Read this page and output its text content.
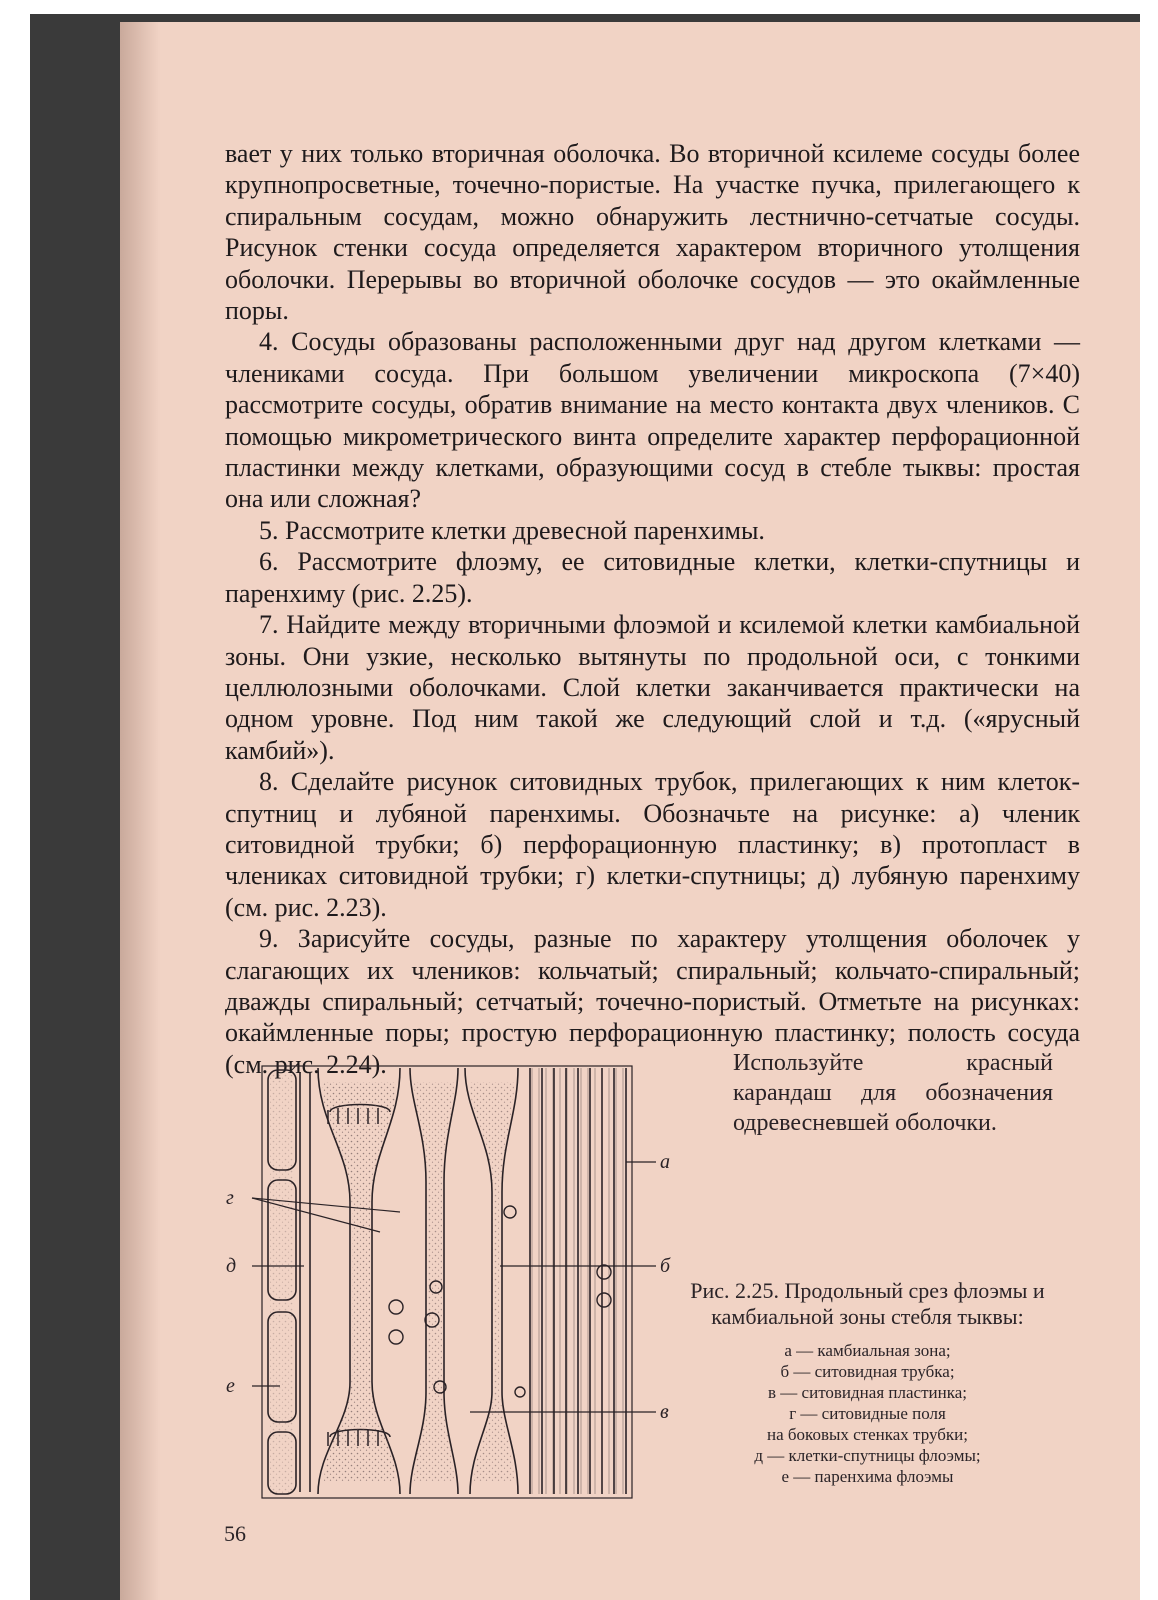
вает у них только вторичная оболочка. Во вторичной ксилеме сосуды более крупнопросветные, точечно-пористые. На участке пучка, прилегающего к спиральным сосудам, можно обнаружить лестнично-сетчатые сосуды. Рисунок стенки сосуда определяется характером вторичного утолщения оболочки. Перерывы во вторичной оболочке сосудов — это окаймленные поры.

4. Сосуды образованы расположенными друг над другом клетками — члениками сосуда. При большом увеличении микроскопа (7×40) рассмотрите сосуды, обратив внимание на место контакта двух члеников. С помощью микрометрического винта определите характер перфорационной пластинки между клетками, образующими сосуд в стебле тыквы: простая она или сложная?

5. Рассмотрите клетки древесной паренхимы.

6. Рассмотрите флоэму, ее ситовидные клетки, клетки-спутницы и паренхиму (рис. 2.25).

7. Найдите между вторичными флоэмой и ксилемой клетки камбиальной зоны. Они узкие, несколько вытянуты по продольной оси, с тонкими целлюлозными оболочками. Слой клетки заканчивается практически на одном уровне. Под ним такой же следующий слой и т.д. («ярусный камбий»).

8. Сделайте рисунок ситовидных трубок, прилегающих к ним клеток-спутниц и лубяной паренхимы. Обозначьте на рисунке: а) членик ситовидной трубки; б) перфорационную пластинку; в) протопласт в члениках ситовидной трубки; г) клетки-спутницы; д) лубяную паренхиму (см. рис. 2.23).

9. Зарисуйте сосуды, разные по характеру утолщения оболочек у слагающих их члеников: кольчатый; спиральный; кольчато-спиральный; дважды спиральный; сетчатый; точечно-пористый. Отметьте на рисунках: окаймленные поры; простую перфорационную пластинку; полость сосуда (см. рис. 2.24).	Используйте красный карандаш для обозначения одревесневшей оболочки.

а
б
в
г
д
е

Рис. 2.25. Продольный срез флоэмы и камбиальной зоны стебля тыквы:

а — камбиальная зона;

б — ситовидная трубка;

в — ситовидная пластинка;

г — ситовидные поля

на боковых стенках трубки;

д — клетки-спутницы флоэмы;

е — паренхима флоэмы

56
